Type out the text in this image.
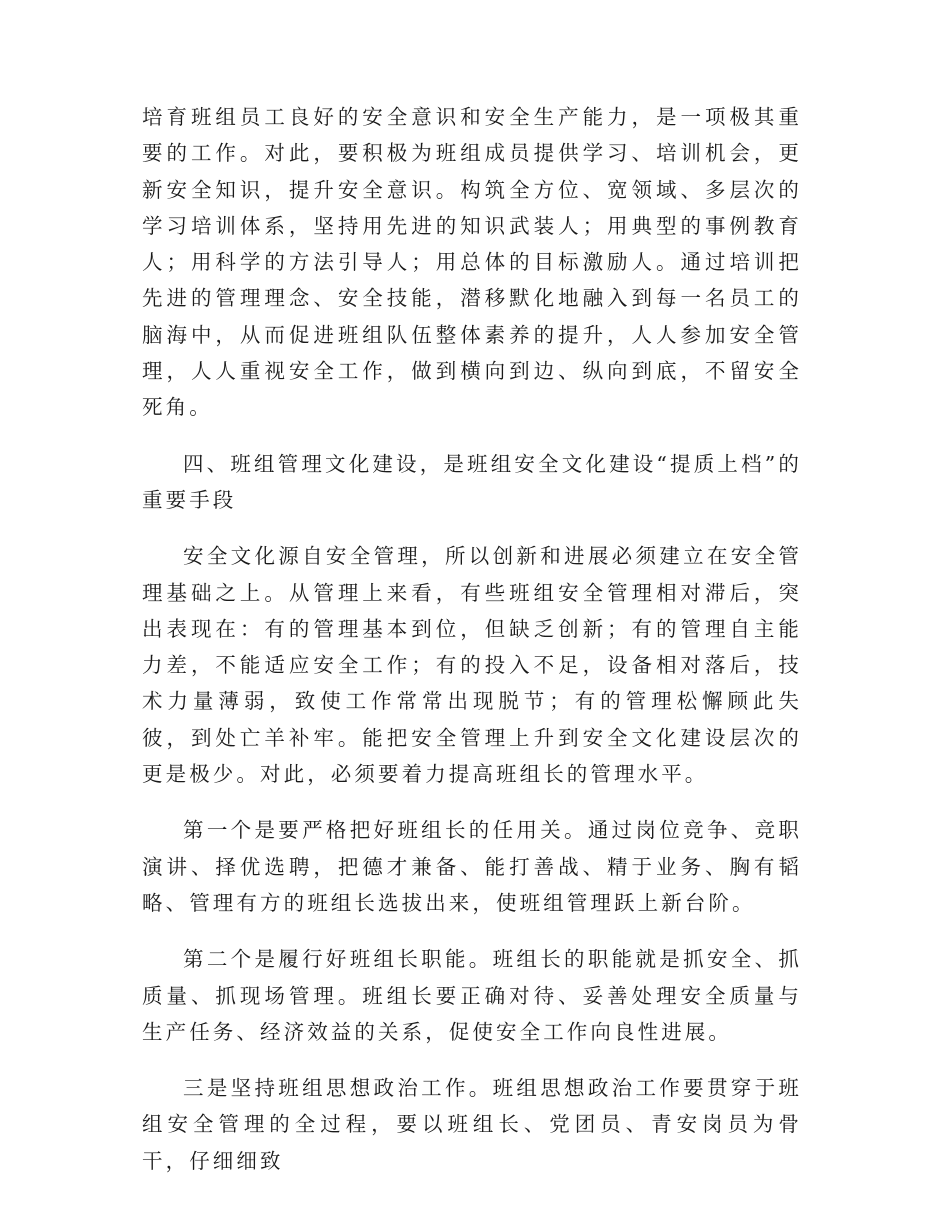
培育班组员工良好的安全意识和安全生产能力，是一项极其重要的工作。对此，要积极为班组成员提供学习、培训机会，更新安全知识，提升安全意识。构筑全方位、宽领域、多层次的学习培训体系，坚持用先进的知识武装人；用典型的事例教育人；用科学的方法引导人；用总体的目标激励人。通过培训把先进的管理理念、安全技能，潜移默化地融入到每一名员工的脑海中，从而促进班组队伍整体素养的提升，人人参加安全管理，人人重视安全工作，做到横向到边、纵向到底，不留安全死角。

四、班组管理文化建设，是班组安全文化建设“提质上档”的重要手段

安全文化源自安全管理，所以创新和进展必须建立在安全管理基础之上。从管理上来看，有些班组安全管理相对滞后，突出表现在：有的管理基本到位，但缺乏创新；有的管理自主能力差，不能适应安全工作；有的投入不足，设备相对落后，技术力量薄弱，致使工作常常出现脱节；有的管理松懈顾此失彼，到处亡羊补牢。能把安全管理上升到安全文化建设层次的更是极少。对此，必须要着力提高班组长的管理水平。

第一个是要严格把好班组长的任用关。通过岗位竞争、竞职演讲、择优选聘，把德才兼备、能打善战、精于业务、胸有韬略、管理有方的班组长选拔出来，使班组管理跃上新台阶。

第二个是履行好班组长职能。班组长的职能就是抓安全、抓质量、抓现场管理。班组长要正确对待、妥善处理安全质量与生产任务、经济效益的关系，促使安全工作向良性进展。

三是坚持班组思想政治工作。班组思想政治工作要贯穿于班组安全管理的全过程，要以班组长、党团员、青安岗员为骨干，仔细细致
